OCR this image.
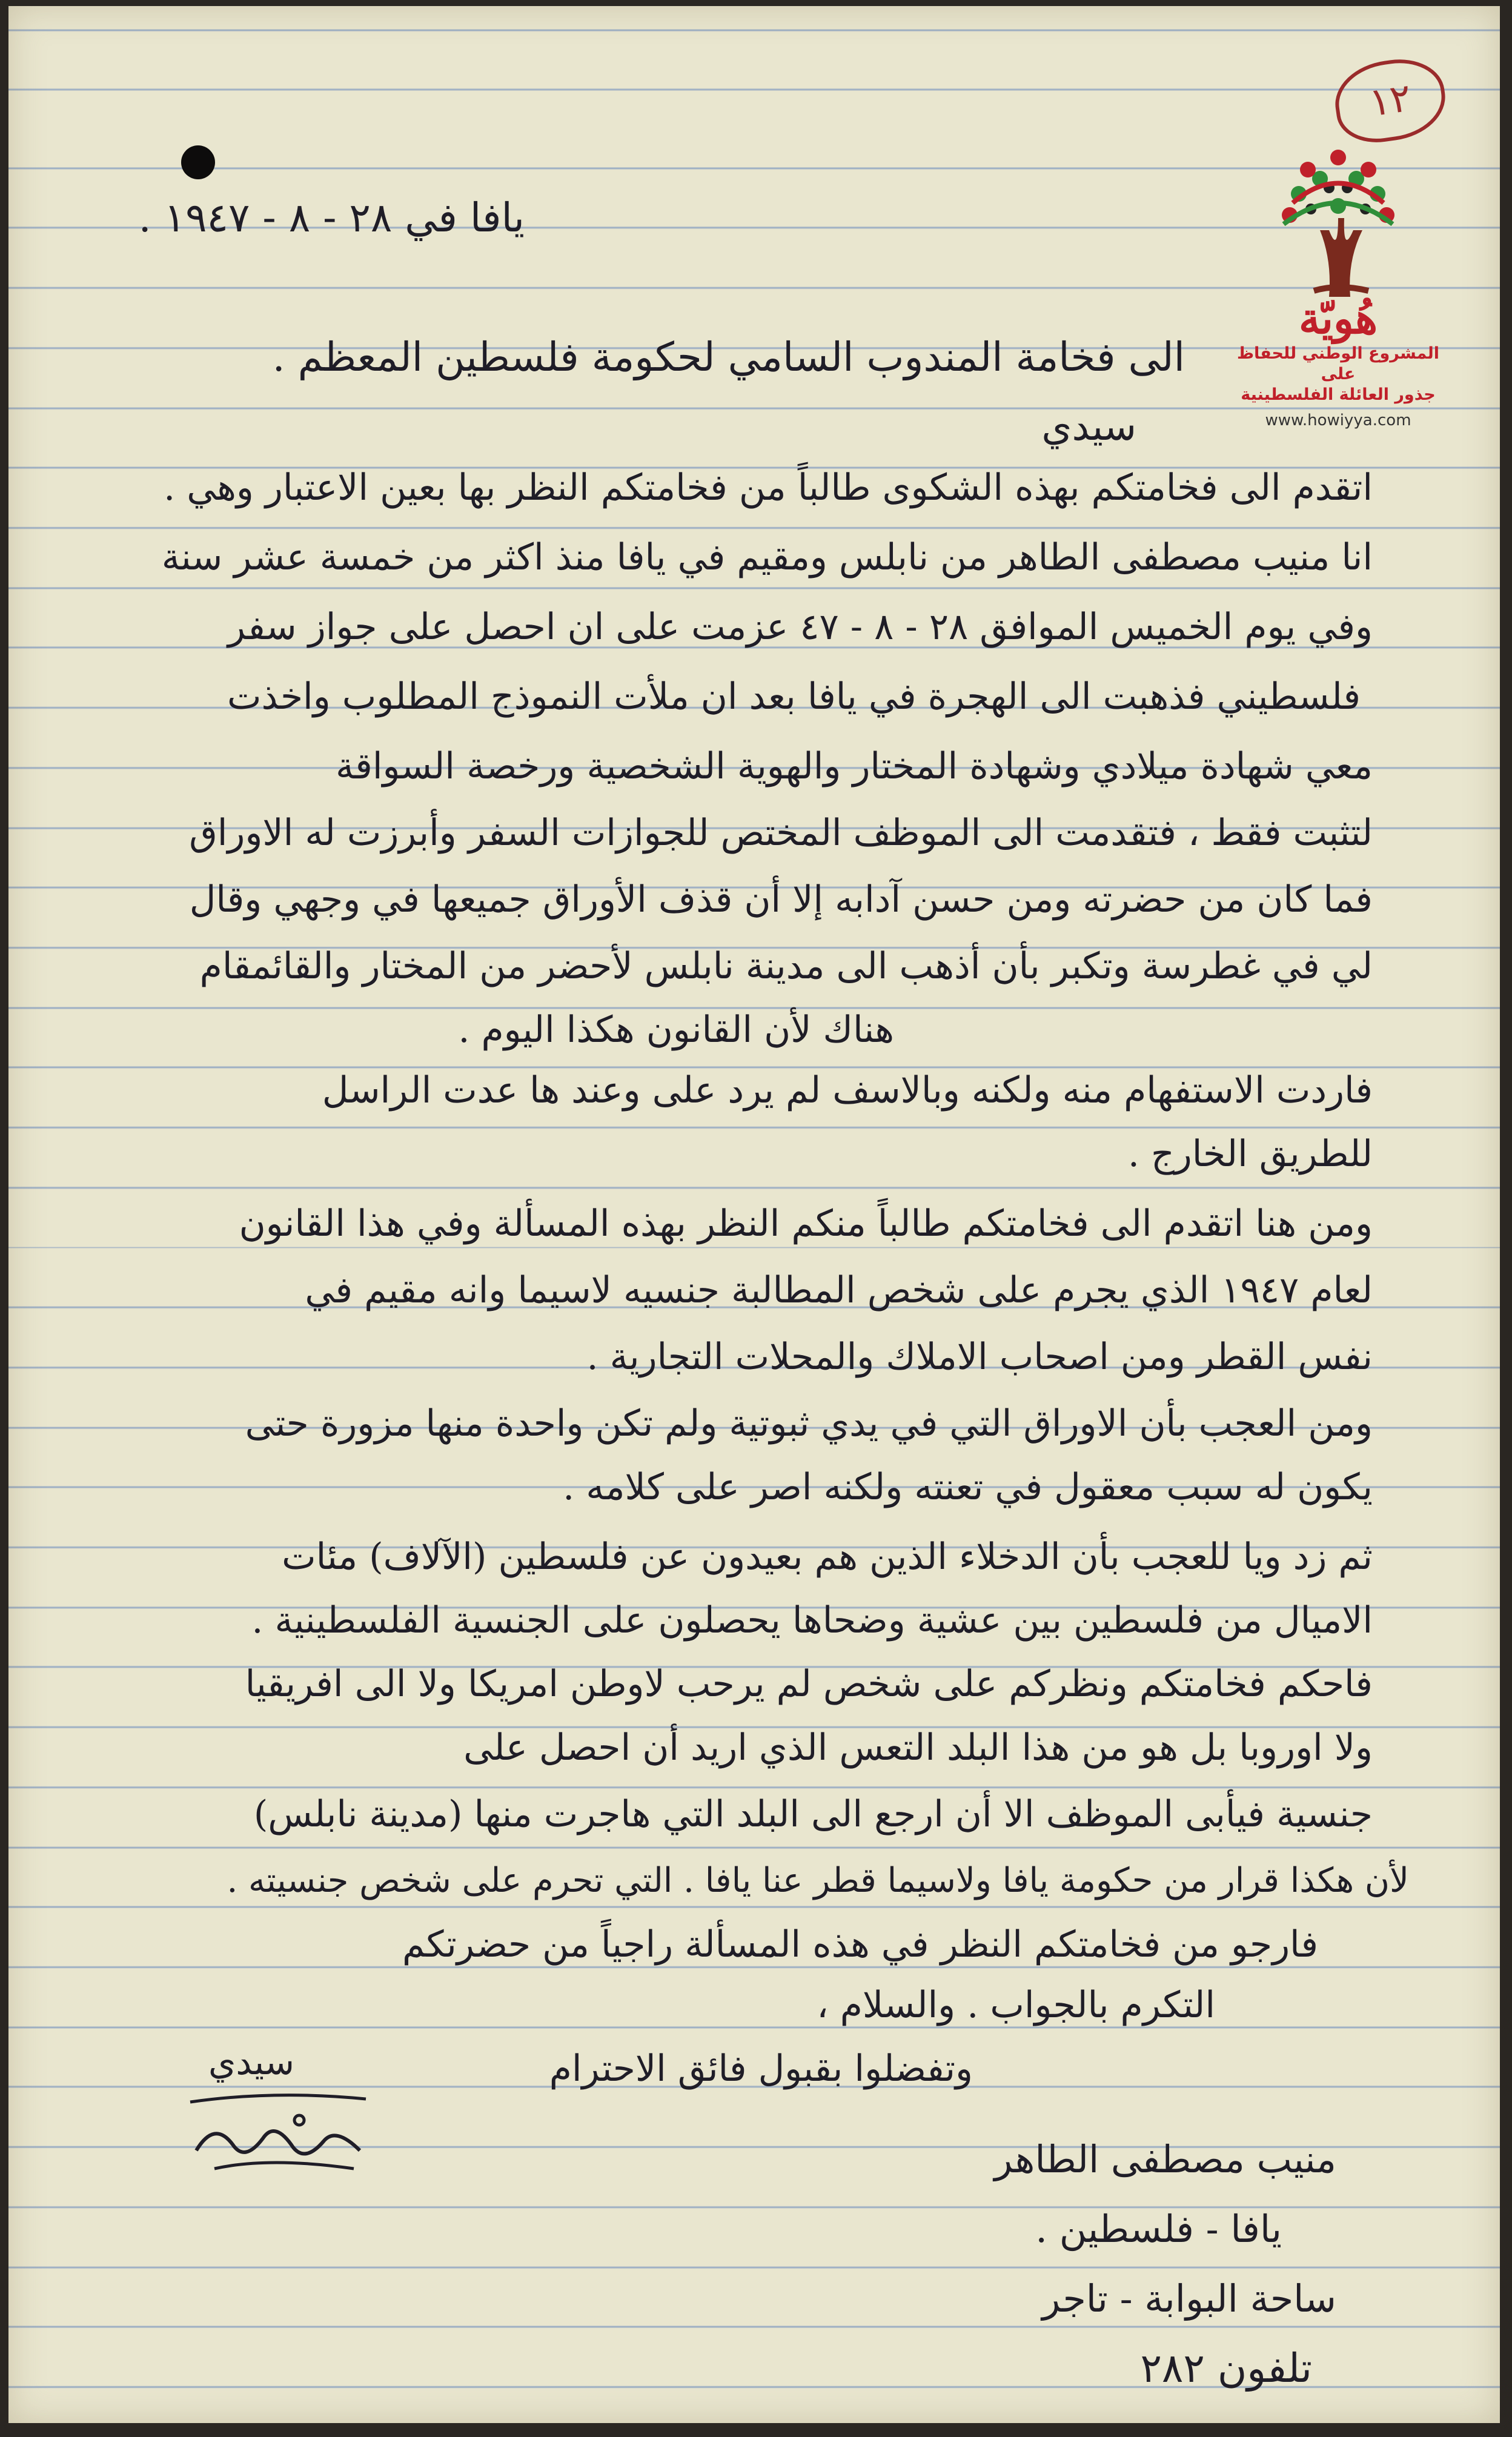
١٢
هُويّة
المشروع الوطني للحفاظ على
جذور العائلة الفلسطينية
www.howiyya.com
يافا في ٢٨ - ٨ - ١٩٤٧ .
الى فخامة المندوب السامي لحكومة فلسطين المعظم .
سيدي
اتقدم الى فخامتكم بهذه الشكوى طالباً من فخامتكم النظر بها بعين الاعتبار وهي .
انا منيب مصطفى الطاهر من نابلس ومقيم في يافا منذ اكثر من خمسة عشر سنة
وفي يوم الخميس الموافق ٢٨ - ٨ - ٤٧ عزمت على ان احصل على جواز سفر
فلسطيني فذهبت الى الهجرة في يافا بعد ان ملأت النموذج المطلوب واخذت
معي شهادة ميلادي وشهادة المختار والهوية الشخصية ورخصة السواقة
لتثبت فقط ، فتقدمت الى الموظف المختص للجوازات السفر وأبرزت له الاوراق
فما كان من حضرته ومن حسن آدابه إلا أن قذف الأوراق جميعها في وجهي وقال
لي في غطرسة وتكبر بأن أذهب الى مدينة نابلس لأحضر من المختار والقائمقام
هناك لأن القانون هكذا اليوم .
فاردت الاستفهام منه ولكنه وبالاسف لم يرد على وعند ها عدت الراسل
للطريق الخارج .
ومن هنا اتقدم الى فخامتكم طالباً منكم النظر بهذه المسألة وفي هذا القانون
لعام ١٩٤٧ الذي يجرم على شخص المطالبة جنسيه لاسيما وانه مقيم في
نفس القطر ومن اصحاب الاملاك والمحلات التجارية .
ومن العجب بأن الاوراق التي في يدي ثبوتية ولم تكن واحدة منها مزورة حتى
يكون له سبب معقول في تعنته ولكنه اصر على كلامه .
ثم زد ويا للعجب بأن الدخلاء الذين هم بعيدون عن فلسطين (الآلاف) مئات
الاميال من فلسطين بين عشية وضحاها يحصلون على الجنسية الفلسطينية .
فاحكم فخامتكم ونظركم على شخص لم يرحب لاوطن امريكا ولا الى افريقيا
ولا اوروبا بل هو من هذا البلد التعس الذي اريد أن احصل على
جنسية فيأبى الموظف الا أن ارجع الى البلد التي هاجرت منها (مدينة نابلس)
لأن هكذا قرار من حكومة يافا ولاسيما قطر عنا يافا . التي تحرم على شخص جنسيته .
فارجو من فخامتكم النظر في هذه المسألة راجياً من حضرتكم
التكرم بالجواب . والسلام ،
وتفضلوا بقبول فائق الاحترام
سيدي
منيب مصطفى الطاهر
يافا - فلسطين .
ساحة البوابة - تاجر
تلفون ٢٨٢
